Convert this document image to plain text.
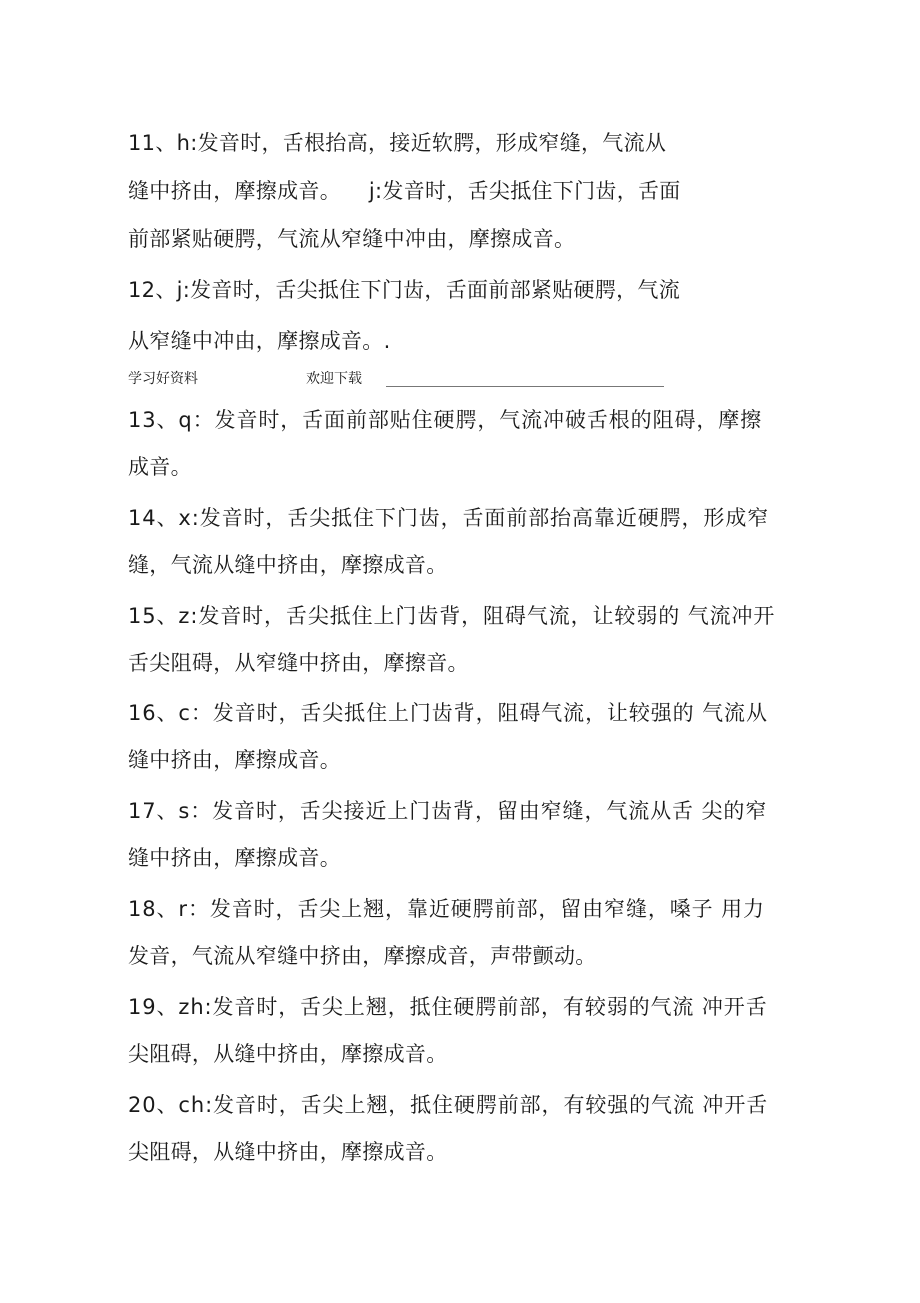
11、h:发音时，舌根抬高，接近软腭，形成窄缝，气流从
缝中挤由，摩擦成音。    j:发音时，舌尖抵住下门齿，舌面
前部紧贴硬腭，气流从窄缝中冲由，摩擦成音。
12、j:发音时，舌尖抵住下门齿，舌面前部紧贴硬腭，气流
从窄缝中冲由，摩擦成音。.
学习好资料	欢迎下载
13、q：发音时，舌面前部贴住硬腭，气流冲破舌根的阻碍，摩擦
成音。
14、x:发音时，舌尖抵住下门齿，舌面前部抬高靠近硬腭，形成窄
缝，气流从缝中挤由，摩擦成音。
15、z:发音时，舌尖抵住上门齿背，阻碍气流，让较弱的 气流冲开
舌尖阻碍，从窄缝中挤由，摩擦音。
16、c：发音时，舌尖抵住上门齿背，阻碍气流，让较强的 气流从
缝中挤由，摩擦成音。
17、s：发音时，舌尖接近上门齿背，留由窄缝，气流从舌 尖的窄
缝中挤由，摩擦成音。
18、r：发音时，舌尖上翘，靠近硬腭前部，留由窄缝，嗓子 用力
发音，气流从窄缝中挤由，摩擦成音，声带颤动。
19、zh:发音时，舌尖上翘，抵住硬腭前部，有较弱的气流 冲开舌
尖阻碍，从缝中挤由，摩擦成音。
20、ch:发音时，舌尖上翘，抵住硬腭前部，有较强的气流 冲开舌
尖阻碍，从缝中挤由，摩擦成音。
